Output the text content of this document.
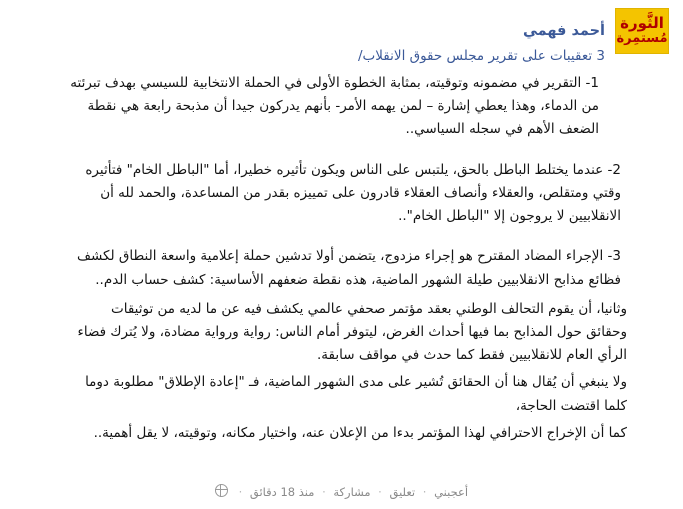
الثَّورة
مُستمِرة
أحمد فهمي
3 تعقيبات على تقرير مجلس حقوق الانقلاب/

1- التقرير في مضمونه وتوقيته، بمثابة الخطوة الأولى في الحملة الانتخابية للسيسي بهدف تبرئته من الدماء، وهذا يعطي إشارة – لمن يهمه الأمر- بأنهم يدركون جيدا أن مذبحة رابعة هي نقطة الضعف الأهم في سجله السياسي..

2- عندما يختلط الباطل بالحق، يلتبس على الناس ويكون تأثيره خطيرا، أما "الباطل الخام" فتأثيره وقتي ومتقلص، والعقلاء وأنصاف العقلاء قادرون على تمييزه بقدر من المساعدة، والحمد لله أن الانقلابيين لا يروجون إلا "الباطل الخام"..

3- الإجراء المضاد المقترح هو إجراء مزدوج، يتضمن أولا تدشين حملة إعلامية واسعة النطاق لكشف فظائع مذابح الانقلابيين طيلة الشهور الماضية، هذه نقطة ضعفهم الأساسية: كشف حساب الدم..

وثانيا، أن يقوم التحالف الوطني بعقد مؤتمر صحفي عالمي يكشف فيه عن ما لديه من توثيقات وحقائق حول المذابح بما فيها أحداث الغرض، ليتوفر أمام الناس: رواية ورواية مضادة، ولا يُترك فضاء الرأي العام للانقلابيين فقط كما حدث في مواقف سابقة.

ولا ينبغي أن يُقال هنا أن الحقائق تُشير على مدى الشهور الماضية، فـ "إعادة الإطلاق" مطلوبة دوما كلما اقتضت الحاجة،

كما أن الإخراج الاحترافي لهذا المؤتمر بدءا من الإعلان عنه، واختيار مكانه، وتوقيته، لا يقل أهمية..

أعجبني · تعليق · مشاركة · منذ 18 دقائق ·
